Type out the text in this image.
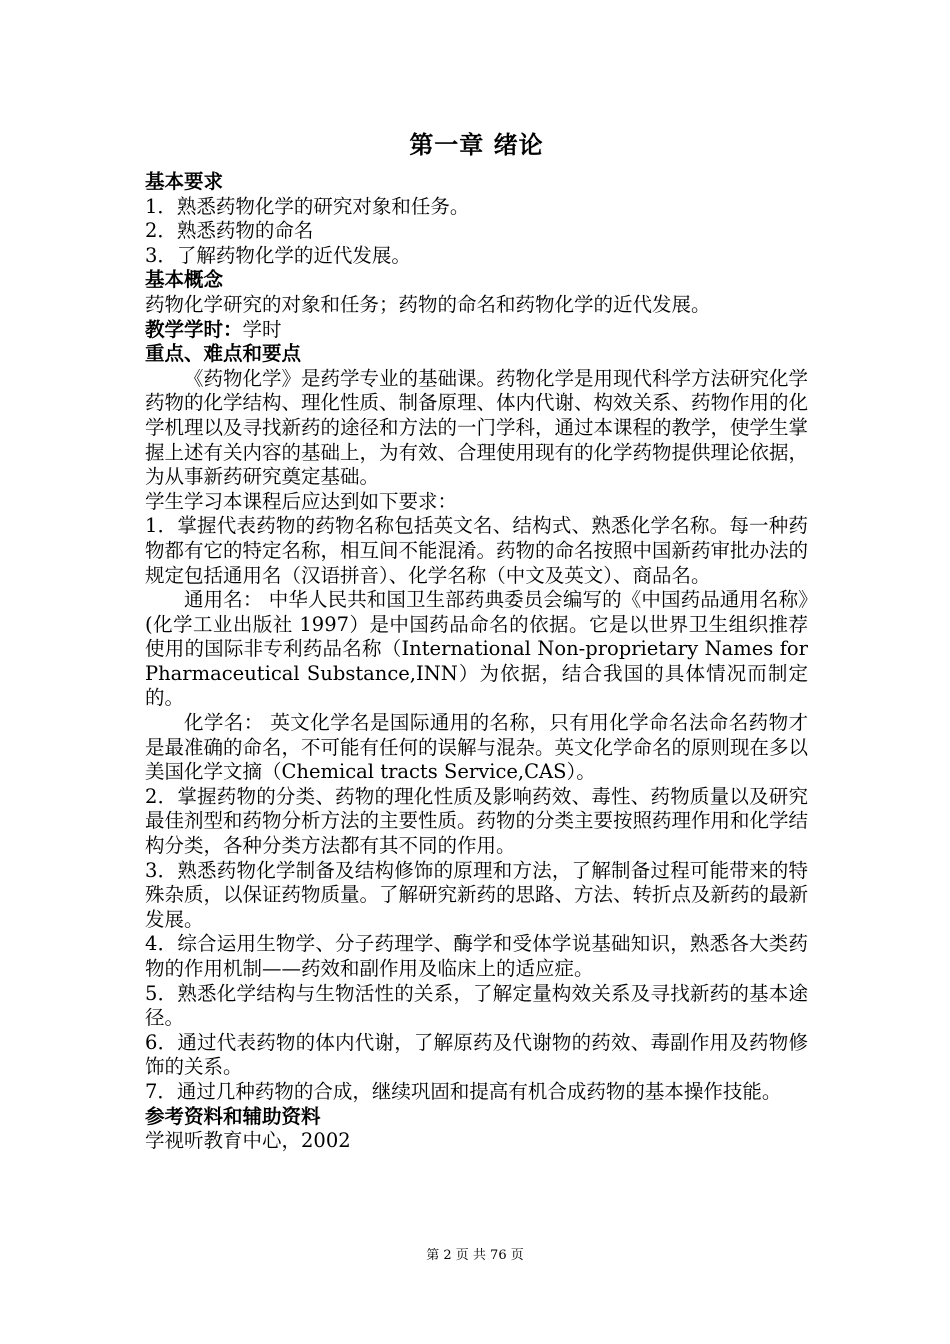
第一章 绪论
基本要求
1．熟悉药物化学的研究对象和任务。
2．熟悉药物的命名
3．了解药物化学的近代发展。
基本概念
药物化学研究的对象和任务；药物的命名和药物化学的近代发展。
教学学时：学时
重点、难点和要点
《药物化学》是药学专业的基础课。药物化学是用现代科学方法研究化学药物的化学结构、理化性质、制备原理、体内代谢、构效关系、药物作用的化学机理以及寻找新药的途径和方法的一门学科，通过本课程的教学，使学生掌握上述有关内容的基础上，为有效、合理使用现有的化学药物提供理论依据，为从事新药研究奠定基础。
学生学习本课程后应达到如下要求：
1．掌握代表药物的药物名称包括英文名、结构式、熟悉化学名称。每一种药物都有它的特定名称，相互间不能混淆。药物的命名按照中国新药审批办法的规定包括通用名（汉语拼音）、化学名称（中文及英文）、商品名。
通用名： 中华人民共和国卫生部药典委员会编写的《中国药品通用名称》(化学工业出版社 1997）是中国药品命名的依据。它是以世界卫生组织推荐使用的国际非专利药品名称（International Non-proprietary Names for Pharmaceutical Substance,INN）为依据，结合我国的具体情况而制定的。
化学名： 英文化学名是国际通用的名称，只有用化学命名法命名药物才是最准确的命名，不可能有任何的误解与混杂。英文化学命名的原则现在多以美国化学文摘（Chemical tracts Service,CAS）。
2．掌握药物的分类、药物的理化性质及影响药效、毒性、药物质量以及研究最佳剂型和药物分析方法的主要性质。药物的分类主要按照药理作用和化学结构分类，各种分类方法都有其不同的作用。
3．熟悉药物化学制备及结构修饰的原理和方法，了解制备过程可能带来的特殊杂质，以保证药物质量。了解研究新药的思路、方法、转折点及新药的最新发展。
4．综合运用生物学、分子药理学、酶学和受体学说基础知识，熟悉各大类药物的作用机制——药效和副作用及临床上的适应症。
5．熟悉化学结构与生物活性的关系，了解定量构效关系及寻找新药的基本途径。
6．通过代表药物的体内代谢，了解原药及代谢物的药效、毒副作用及药物修饰的关系。
7．通过几种药物的合成，继续巩固和提高有机合成药物的基本操作技能。
参考资料和辅助资料
学视听教育中心，2002
第 2 页 共 76 页
